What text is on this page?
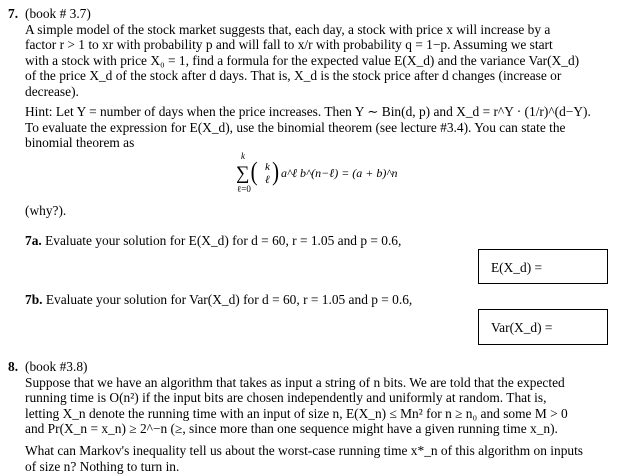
7. (book # 3.7)
A simple model of the stock market suggests that, each day, a stock with price x will increase by a
factor r > 1 to xr with probability p and will fall to x/r with probability q = 1−p. Assuming we start
with a stock with price X₀ = 1, find a formula for the expected value E(X_d) and the variance Var(X_d)
of the price X_d of the stock after d days. That is, X_d is the stock price after d changes (increase or
decrease).
Hint: Let Y = number of days when the price increases. Then Y ∼ Bin(d, p) and X_d = r^Y · (1/r)^(d−Y).
To evaluate the expression for E(X_d), use the binomial theorem (see lecture #3.4). You can state the
binomial theorem as
k
∑
ℓ=0
( k
ℓ ) a^ℓ b^(n−ℓ) = (a + b)^n
(why?).
7a. Evaluate your solution for E(X_d) for d = 60, r = 1.05 and p = 0.6,
E(X_d) =
7b. Evaluate your solution for Var(X_d) for d = 60, r = 1.05 and p = 0.6,
Var(X_d) =
8. (book #3.8)
Suppose that we have an algorithm that takes as input a string of n bits. We are told that the expected
running time is O(n²) if the input bits are chosen independently and uniformly at random. That is,
letting X_n denote the running time with an input of size n, E(X_n) ≤ Mn² for n ≥ n₀ and some M > 0
and Pr(X_n = x_n) ≥ 2^−n (≥, since more than one sequence might have a given running time x_n).
What can Markov's inequality tell us about the worst-case running time x*_n of this algorithm on inputs
of size n? Nothing to turn in.
